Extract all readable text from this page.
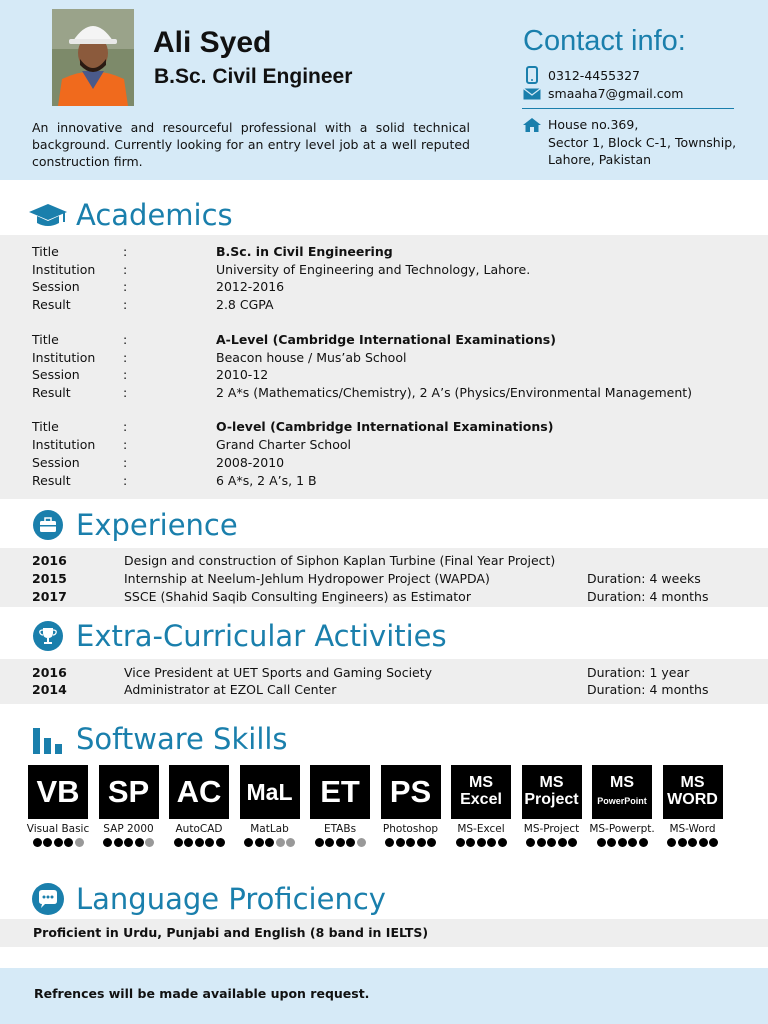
Ali Syed
B.Sc. Civil Engineer
An innovative and resourceful professional with a solid technical background. Currently looking for an entry level job at a well reputed construction firm.
Contact info:
0312-4455327
smaaha7@gmail.com
House no.369,
Sector 1, Block C-1, Township,
Lahore, Pakistan
Academics
Title	:	B.Sc. in Civil Engineering
Institution :	University of Engineering and Technology, Lahore.
Session	:	2012-2016
Result	:	2.8 CGPA
Title	:	A-Level (Cambridge International Examinations)
Institution :	Beacon house / Mus’ab School
Session	:	2010-12
Result	:	2 A*s (Mathematics/Chemistry), 2 A’s (Physics/Environmental Management)
Title	:	O-level (Cambridge International Examinations)
Institution :	Grand Charter School
Session	:	2008-2010
Result	:	6 A*s, 2 A’s, 1 B
Experience
2016	Design and construction of Siphon Kaplan Turbine (Final Year Project)
2015	Internship at Neelum-Jehlum Hydropower Project (WAPDA)	Duration: 4 weeks
2017	SSCE (Shahid Saqib Consulting Engineers) as Estimator	Duration: 4 months
Extra-Curricular Activities
2016	Vice President at UET Sports and Gaming Society	Duration: 1 year
2014	Administrator at EZOL Call Center	Duration: 4 months
Software Skills
VB
Visual Basic
SP
SAP 2000
AC
AutoCAD
MaL
MatLab
ET
ETABs
PS
Photoshop
MS
Excel
MS-Excel
MS
Project
MS-Project
MS
PowerPoint
MS-Powerpt.
MS
WORD
MS-Word
Language Proficiency
Proficient in Urdu, Punjabi and English (8 band in IELTS)
Refrences will be made available upon request.
